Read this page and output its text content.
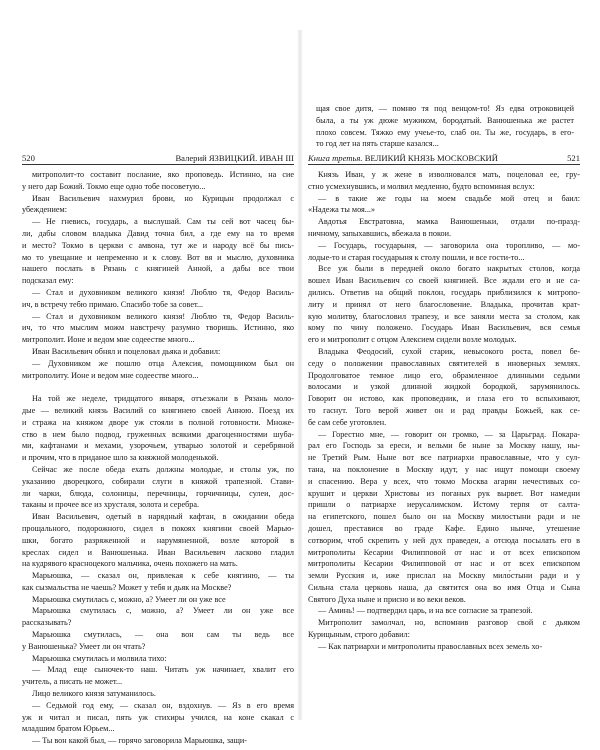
520	Валерий ЯЗВИЦКИЙ. ИВАН III
митрополит-то составит послание, яко проповедь. Истинно, на сие
у него дар Божий. Токмо еще одно тобе посоветую...
Иван Васильевич нахмурил брови, но Курицын продолжал с
убеждением:
— Не гневись, государь, а выслушай. Сам ты сей вот часец бы-
ли, дабы словом владыка Давид точна бил, а где ему на то время
и место? Токмо в церкви с амвона, тут же и народу всё бы пись-
мо то увещание и непременно и к слову. Вот вя и мыслю, духовника
нашего послать в Рязань с княгиней Анной, а дабы все твои
подсказал ему:
— Стал и духовником великого князя! Люблю тя, Федор Василь-
ич, в встречу тебю примаю. Спасибо тобе за совет...
— Стал и духовником великого князя! Люблю тя, Федор Василь-
ич, то что мыслим можм навстречу разумно творишь. Истинно, яко
митрополит. Ионе и ведом мне содеестве много...
Иван Васильевич обнял и поцеловал дьяка и добавил:
— Духовником же пошлю отца Алексия, помощником был он
митрополиту. Ионе и ведом мне содеестве много...
На той же неделе, тридцатого января, отъезжали в Рязань моло-
дые — великий князь Василий со княгинею своей Анною. Поезд их
и стража на княжом дворе уж стояли в полной готовности. Множе-
ство в нем было подвод, груженных всякими драгоценностями шуба-
ми, кафтанами и мехами, узорочьем, утварью золотой и серебряной
и прочим, что в приданое шло за княжной молоденькой.
Сейчас же после обеда ехать должны молодые, и столы уж, по
указанию дворецкого, собирали слуги в княжой трапезной. Стави-
ли чарки, блюда, солоницы, перечницы, горчичницы, сулеи, дос-
таканы и прочее все из хрусталя, золота и серебра.
Иван Васильевич, одетый в нарядный кафтан, в ожидании обеда
прощального, подорожного, сидел в покоях княгини своей Марью-
шки, богато разряженной и нарумяненной, возле которой в
креслах сидел и Ванюшенька. Иван Васильевич ласково гладил
на кудрявого красноцекого мальчика, очень похожего на мать.
Марьюшка, — сказал он, привлекая к себе княгиню, — ты
как сызмальства не чаешь? Может у тебя и дьяк на Москве?
Марьюшка смутилась с, можно, а? Умеет ли он уже все
Марьюшка смутилась с, можно, а? Умеет ли он уже все
рассказывать?
Марьюшка смутилась, — она вон сам ты ведь все
у Ванюшенька? Умеет ли он чтать?
Марьюшка смутилась и молвила тихо:
— Млад еще сыночек-то наш. Читать уж начинает, хвалит его
учитель, а писать не может...
Лицо великого князя затуманилось.
— Седьмой год ему, — сказал он, вздохнув. — Яз в его время
уж и читал и писал, пять уж стихиры учился, на коне скакал с
младшим братом Юрьем...
— Ты вон какой был, — горячо заговорила Марьюшка, защи-
щая свое дитя, — помню тя под венцом-то! Яз едва отроковицей
была, а ты уж дюже мужиком, бородатый. Ванюшенька же растет
плохо совсем. Тяжко ему учеье-то, слаб он. Ты же, государь, в его-
то год лет на пять старше казался...
Книга третья. ВЕЛИКИЙ КНЯЗЬ МОСКОВСКИЙ	521
Князь Иван, у ж жене в изволновался мать, поцеловал ее, гру-
стно усмехнувшись, и молвил медленно, будто вспоминая вслух:
— в такие же годы на моем свадьбе мой отец и баил:
«Надежа ты моя...»
Авдотья Евстратовна, мамка Ванюшеньки, отдали по-празд-
ничному, запыхавшись, вбежала в покои.
— Государь, государыня, — заговорила она торопливо, — мо-
лодые-то и старая государыня к столу пошли, и все гости-то...
Все уж были в передней около богато накрытых столов, когда
вошел Иван Васильевич со своей княгиней. Все ждали его и не са-
дились. Ответив на общий поклон, государь приблизился к митропо-
литу и принял от него благословение. Владыка, прочитав крат-
кую молитву, благословил трапезу, и все заняли места за столом, как
кому по чину положено. Государь Иван Васильевич, вся семья
его и митрополит с отцом Алексием сидели возле молодых.
Владыка Феодосий, сухой старик, невысокого роста, повел бе-
седу о положении православных святителей в иноверных землях.
Продолговатое темное лицо его, обрамленное длинными седыми
волосами и узкой длинной жидкой бородкой, зарумянилось.
Говорит он истово, как проповедник, и глаза его то вспыхивают,
то гаснут. Того верой живет он и рад правды Божьей, как се-
бе сам себе уготовлен.
— Горестно мне, — говорит он громко, — за Царьград. Покара-
рал его Господь за ереси, и вельми бе ныне за Москву нашу, ны-
не Третий Рым. Ныне вот все патриархи православные, что у сул-
тана, на поклонение в Москву идут, у нас ищут помощи своему
и спасению. Вера у всех, что токмо Москва агарян нечестивых со-
крушит и церкви Христовы из поганых рук вырвет. Вот намедни
пришли о патриархе иерусалимском. Истому терпя от салта-
на египетского, пошел было он на Москву милостыни ради и не
дошел, преставися во граде Кафе. Едино нынче, утешение
сотворим, чтоб скрепить у ней дух праведен, а отсюда посылать его в
митрополиты Кесарии Филипповой от нас и от всех епископом
митрополиты Кесарии Филипповой от нас и от всех епископом
земли Русския и, иже прислал на Москву мило́стыни ради и у
Сильна стала церковь наша, да святится она во имя Отца и Сына
Святого Духа ныне и присно и во веки веков.
— Аминь! — подтвердил царь, и на все согласие за трапезой.
Митрополит замолчал, но, вспомнив разговор свой с дьяком
Курицыным, строго добавил:
— Как патриархи и митрополиты православных всех земель хо-
